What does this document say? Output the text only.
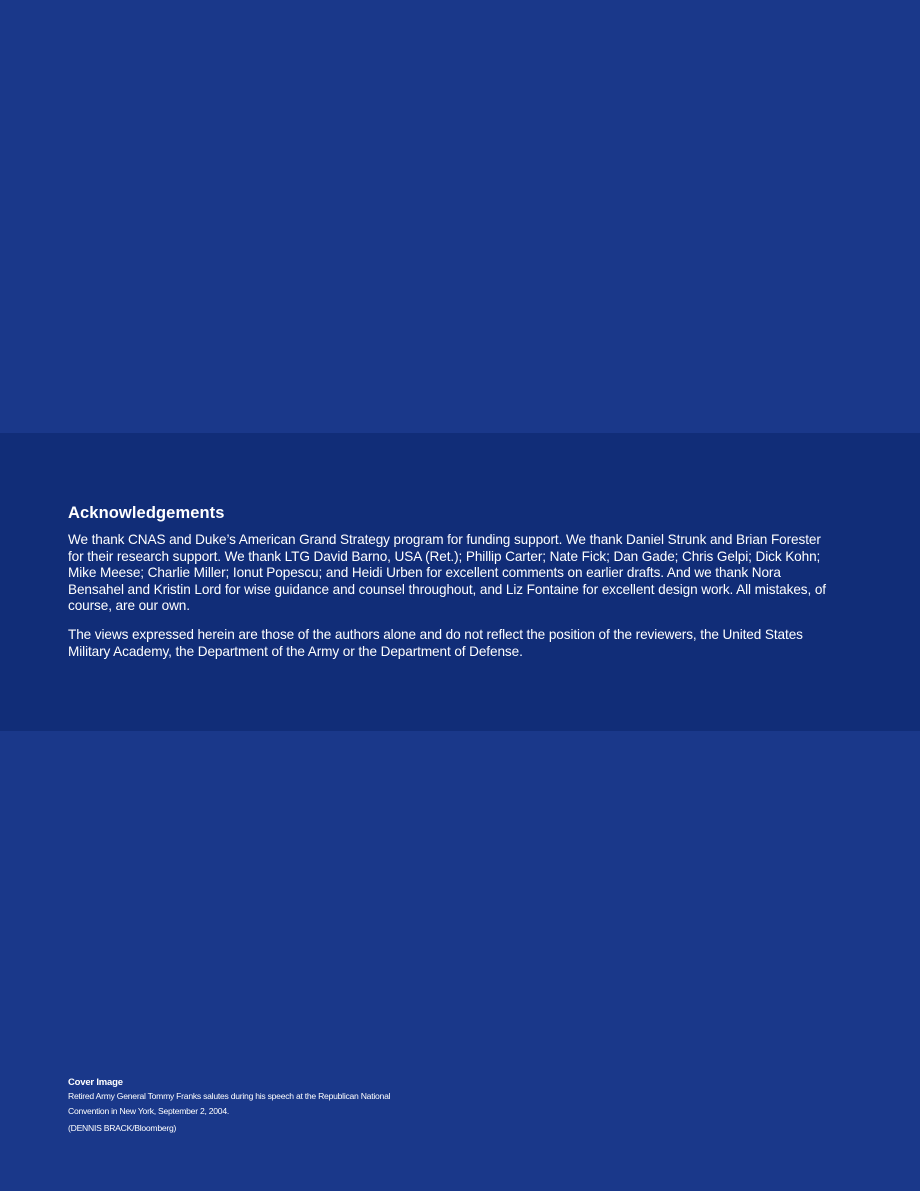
Acknowledgements

We thank CNAS and Duke’s American Grand Strategy program for funding support. We thank Daniel Strunk and Brian Forester for their research support. We thank LTG David Barno, USA (Ret.); Phillip Carter; Nate Fick; Dan Gade; Chris Gelpi; Dick Kohn; Mike Meese; Charlie Miller; Ionut Popescu; and Heidi Urben for excellent comments on earlier drafts. And we thank Nora Bensahel and Kristin Lord for wise guidance and counsel throughout, and Liz Fontaine for excellent design work. All mistakes, of course, are our own.

The views expressed herein are those of the authors alone and do not reflect the position of the reviewers, the United States Military Academy, the Department of the Army or the Department of Defense.

Cover Image

Retired Army General Tommy Franks salutes during his speech at the Republican National Convention in New York, September 2, 2004.

(DENNIS BRACK/Bloomberg)
